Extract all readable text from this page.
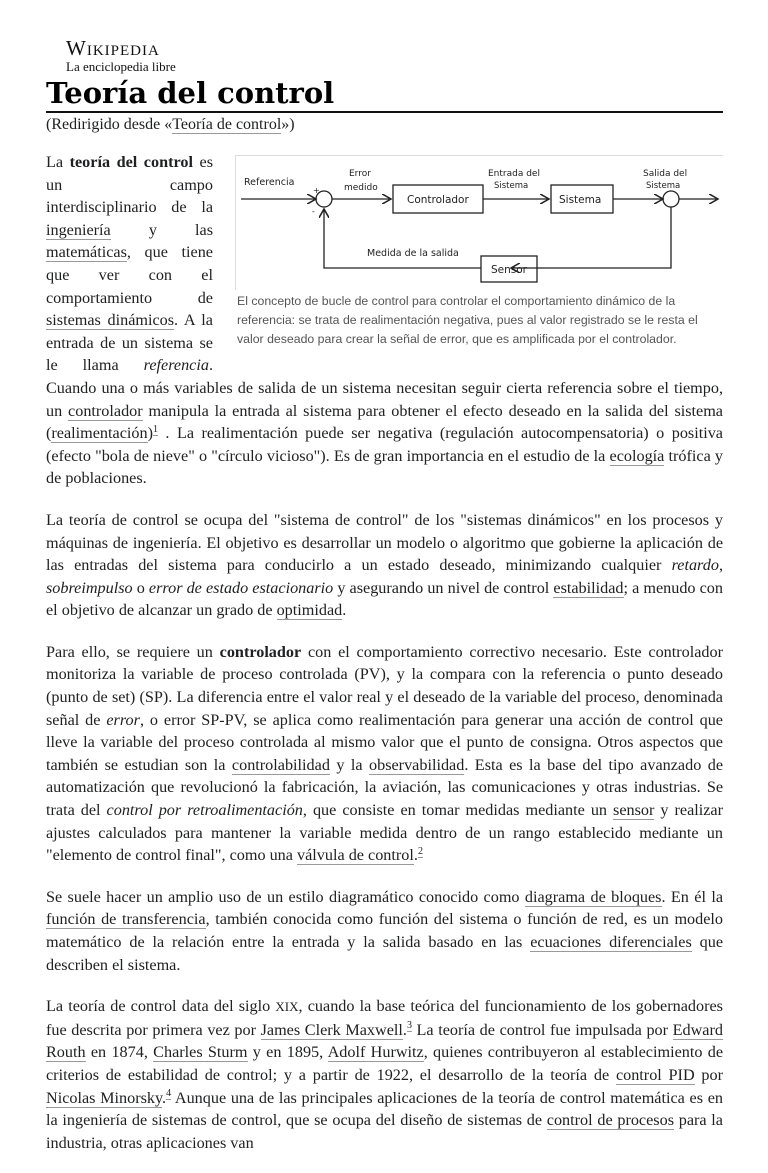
Wikipedia
La enciclopedia libre
Teoría del control
(Redirigido desde «Teoría de control»)
Referencia
+
-
Error
medido
Entrada del
Sistema
Salida del
Sistema
Controlador	Sistema
Sensor
Medida de la salida
El concepto de bucle de control para controlar el comportamiento dinámico de la referencia: se trata de realimentación negativa, pues al valor registrado se le resta el valor deseado para crear la señal de error, que es amplificada por el controlador.

La teoría del control es un campo interdisciplinario de la ingeniería y las matemáticas, que tiene que ver con el comportamiento de sistemas dinámicos. A la entrada de un sistema se le llama referencia. Cuando una o más variables de salida de un sistema necesitan seguir cierta referencia sobre el tiempo, un controlador manipula la entrada al sistema para obtener el efecto deseado en la salida del sistema (realimentación)$^1$ . La realimentación puede ser negativa (regulación autocompensatoria) o positiva (efecto "bola de nieve" o "círculo vicioso"). Es de gran importancia en el estudio de la ecología trófica y de poblaciones.

La teoría de control se ocupa del "sistema de control" de los "sistemas dinámicos" en los procesos y máquinas de ingeniería. El objetivo es desarrollar un modelo o algoritmo que gobierne la aplicación de las entradas del sistema para conducirlo a un estado deseado, minimizando cualquier retardo, sobreimpulso o error de estado estacionario y asegurando un nivel de control estabilidad; a menudo con el objetivo de alcanzar un grado de optimidad.

Para ello, se requiere un controlador con el comportamiento correctivo necesario. Este controlador monitoriza la variable de proceso controlada (PV), y la compara con la referencia o punto deseado (punto de set) (SP). La diferencia entre el valor real y el deseado de la variable del proceso, denominada señal de error, o error SP-PV, se aplica como realimentación para generar una acción de control que lleve la variable del proceso controlada al mismo valor que el punto de consigna. Otros aspectos que también se estudian son la controlabilidad y la observabilidad. Esta es la base del tipo avanzado de automatización que revolucionó la fabricación, la aviación, las comunicaciones y otras industrias. Se trata del control por retroalimentación, que consiste en tomar medidas mediante un sensor y realizar ajustes calculados para mantener la variable medida dentro de un rango establecido mediante un "elemento de control final", como una válvula de control.$^2$

Se suele hacer un amplio uso de un estilo diagramático conocido como diagrama de bloques. En él la función de transferencia, también conocida como función del sistema o función de red, es un modelo matemático de la relación entre la entrada y la salida basado en las ecuaciones diferenciales que describen el sistema.

La teoría de control data del siglo XIX, cuando la base teórica del funcionamiento de los gobernadores fue descrita por primera vez por James Clerk Maxwell.$^3$ La teoría de control fue impulsada por Edward Routh en 1874, Charles Sturm y en 1895, Adolf Hurwitz, quienes contribuyeron al establecimiento de criterios de estabilidad de control; y a partir de 1922, el desarrollo de la teoría de control PID por Nicolas Minorsky.$^4$ Aunque una de las principales aplicaciones de la teoría de control matemática es en la ingeniería de sistemas de control, que se ocupa del diseño de sistemas de control de procesos para la industria, otras aplicaciones van
